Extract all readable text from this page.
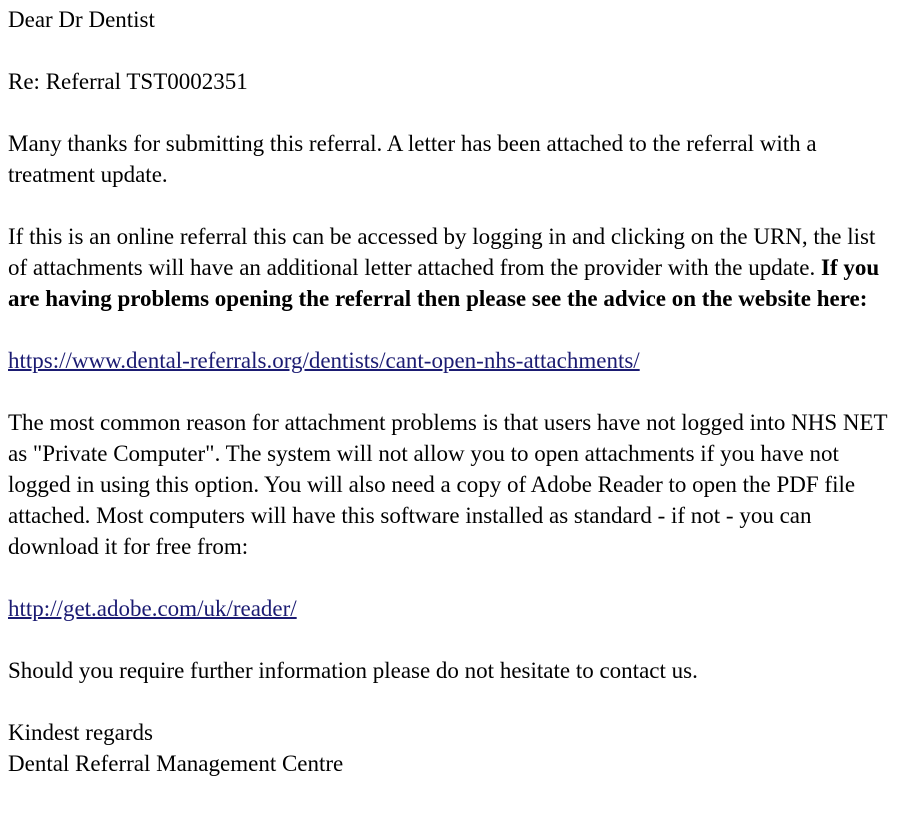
Dear Dr Dentist

Re: Referral TST0002351

Many thanks for submitting this referral. A letter has been attached to the referral with a treatment update.

If this is an online referral this can be accessed by logging in and clicking on the URN, the list of attachments will have an additional letter attached from the provider with the update. If you are having problems opening the referral then please see the advice on the website here:

https://www.dental-referrals.org/dentists/cant-open-nhs-attachments/

The most common reason for attachment problems is that users have not logged into NHS NET as "Private Computer". The system will not allow you to open attachments if you have not logged in using this option. You will also need a copy of Adobe Reader to open the PDF file attached. Most computers will have this software installed as standard - if not - you can download it for free from:

http://get.adobe.com/uk/reader/

Should you require further information please do not hesitate to contact us.

Kindest regards
Dental Referral Management Centre
